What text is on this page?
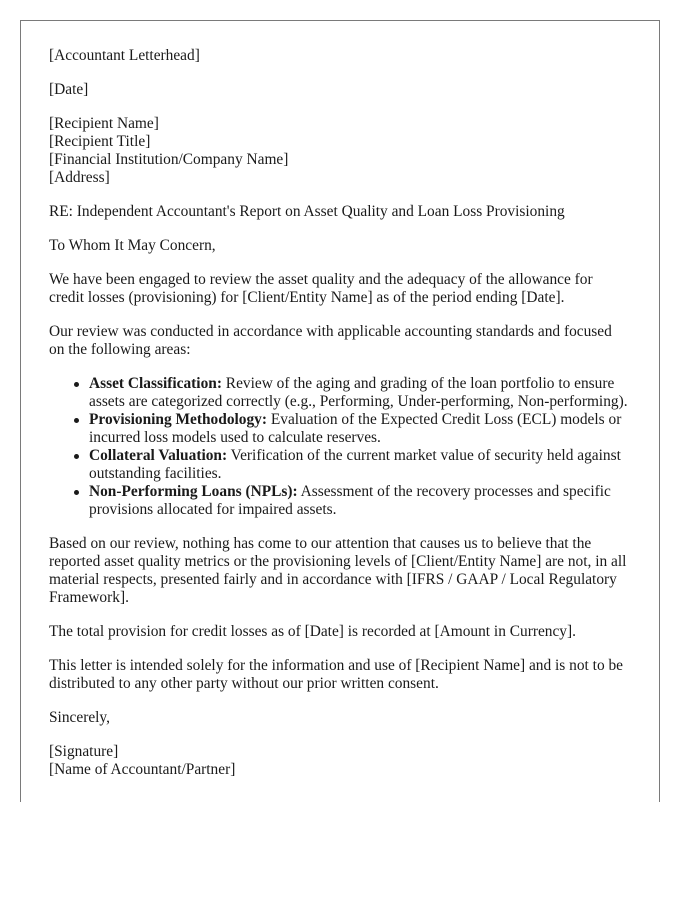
[Accountant Letterhead]

[Date]

[Recipient Name]
[Recipient Title]
[Financial Institution/Company Name]
[Address]

RE: Independent Accountant's Report on Asset Quality and Loan Loss Provisioning

To Whom It May Concern,

We have been engaged to review the asset quality and the adequacy of the allowance for credit losses (provisioning) for [Client/Entity Name] as of the period ending [Date].

Our review was conducted in accordance with applicable accounting standards and focused on the following areas:

Asset Classification: Review of the aging and grading of the loan portfolio to ensure assets are categorized correctly (e.g., Performing, Under-performing, Non-performing).
Provisioning Methodology: Evaluation of the Expected Credit Loss (ECL) models or incurred loss models used to calculate reserves.
Collateral Valuation: Verification of the current market value of security held against outstanding facilities.
Non-Performing Loans (NPLs): Assessment of the recovery processes and specific provisions allocated for impaired assets.

Based on our review, nothing has come to our attention that causes us to believe that the reported asset quality metrics or the provisioning levels of [Client/Entity Name] are not, in all material respects, presented fairly and in accordance with [IFRS / GAAP / Local Regulatory Framework].

The total provision for credit losses as of [Date] is recorded at [Amount in Currency].

This letter is intended solely for the information and use of [Recipient Name] and is not to be distributed to any other party without our prior written consent.

Sincerely,

[Signature]
[Name of Accountant/Partner]
